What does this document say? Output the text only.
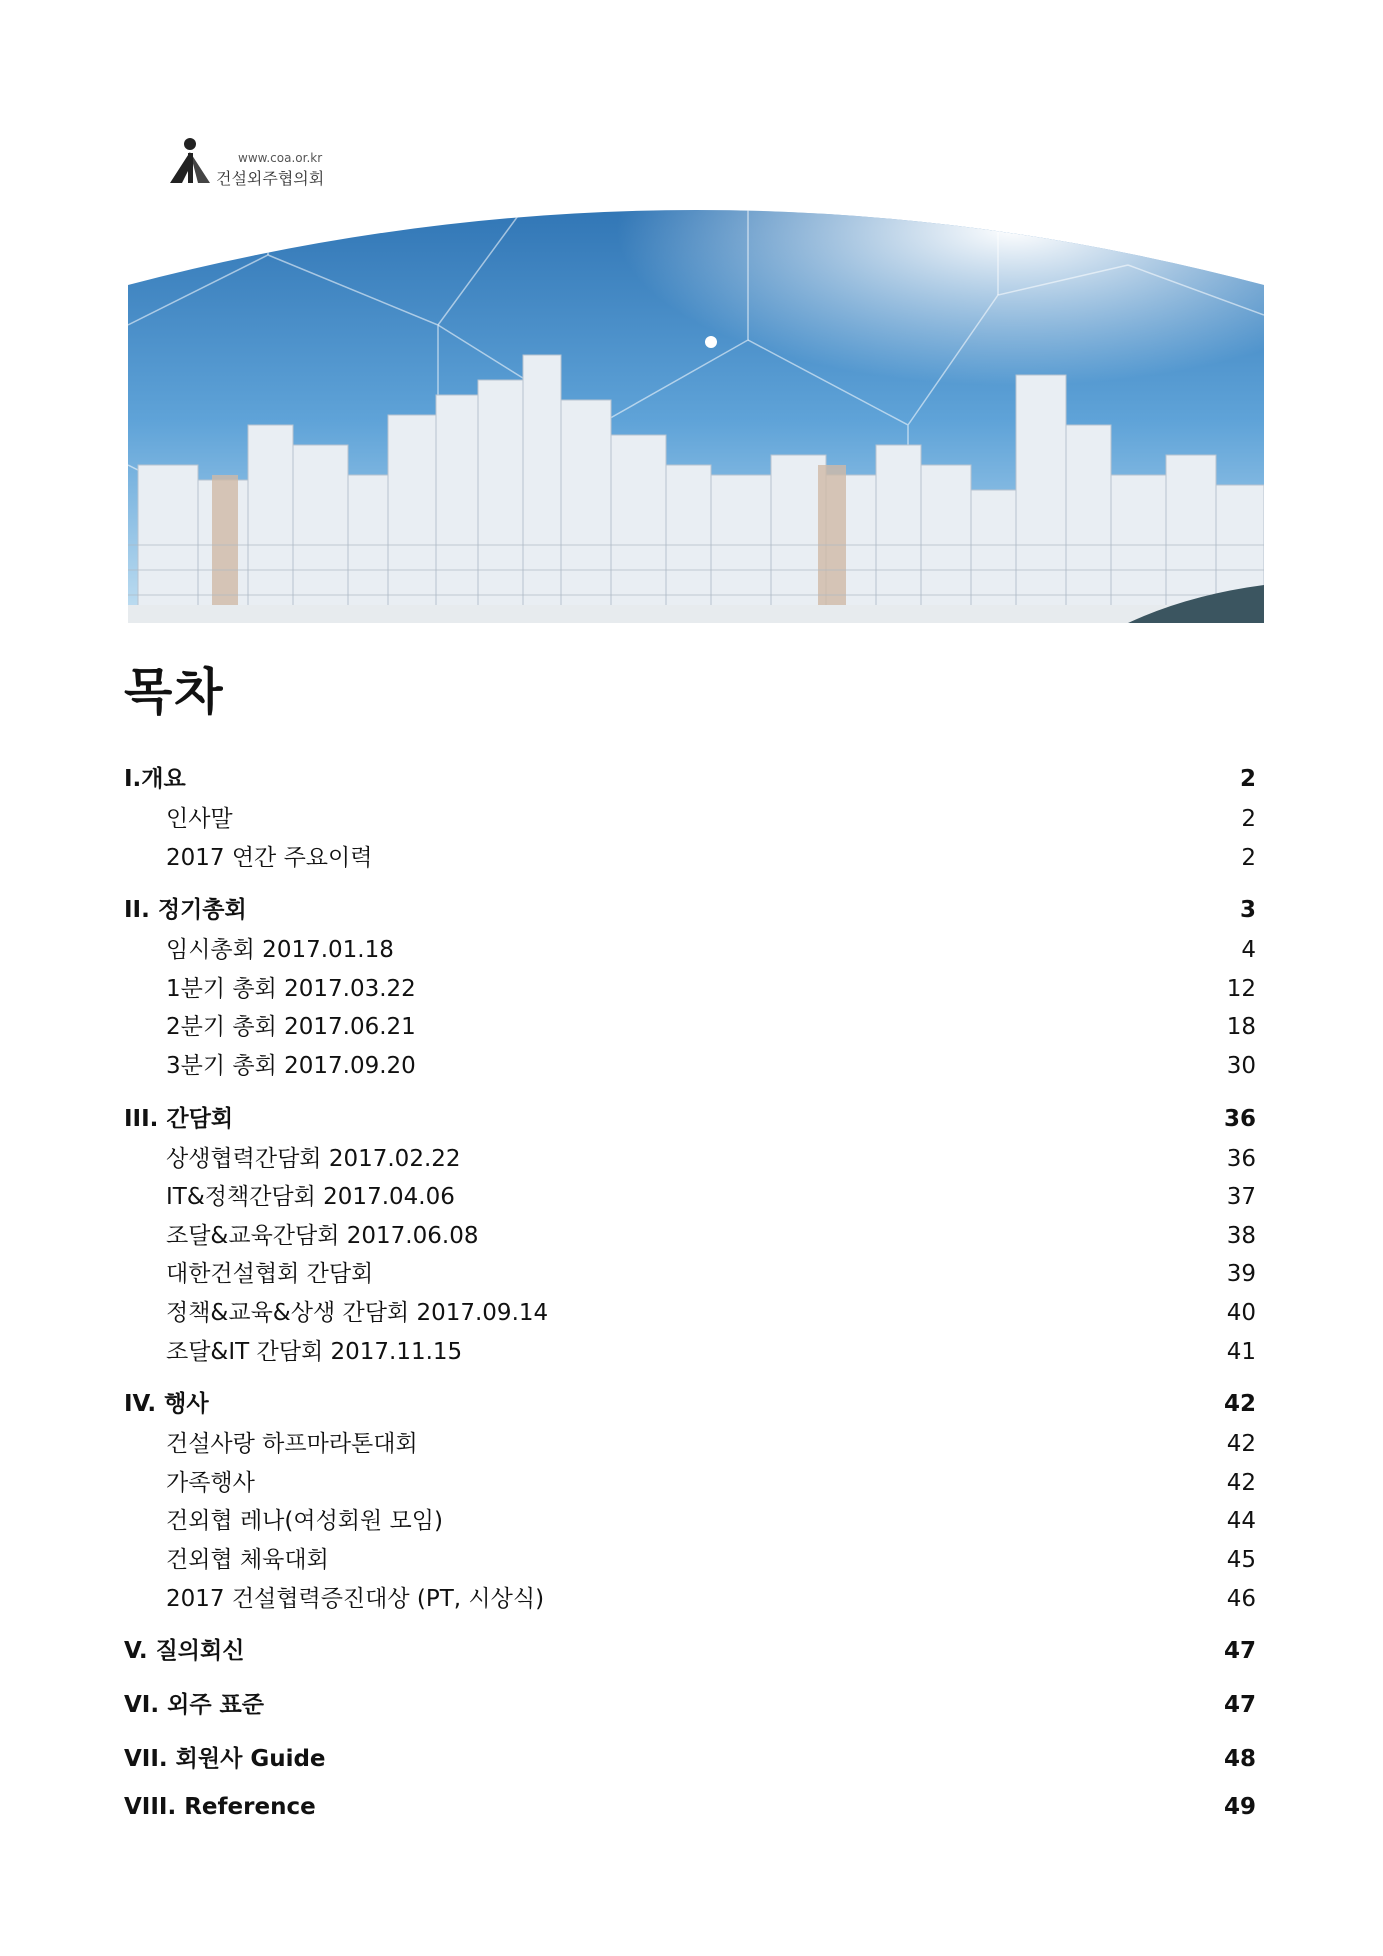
www.coa.or.kr
건설외주협의회
목차
I.개요	2
인사말	2
2017 연간 주요이력	2
II. 정기총회	3
임시총회 2017.01.18	4
1분기 총회 2017.03.22	12
2분기 총회 2017.06.21	18
3분기 총회 2017.09.20	30
III. 간담회	36
상생협력간담회 2017.02.22	36
IT&정책간담회 2017.04.06	37
조달&교육간담회 2017.06.08	38
대한건설협회 간담회	39
정책&교육&상생 간담회 2017.09.14	40
조달&IT 간담회 2017.11.15	41
IV. 행사	42
건설사랑 하프마라톤대회	42
가족행사	42
건외협 레나(여성회원 모임)	44
건외협 체육대회	45
2017 건설협력증진대상 (PT, 시상식)	46
V. 질의회신	47
VI. 외주 표준	47
VII. 회원사 Guide	48
VIII. Reference	49
